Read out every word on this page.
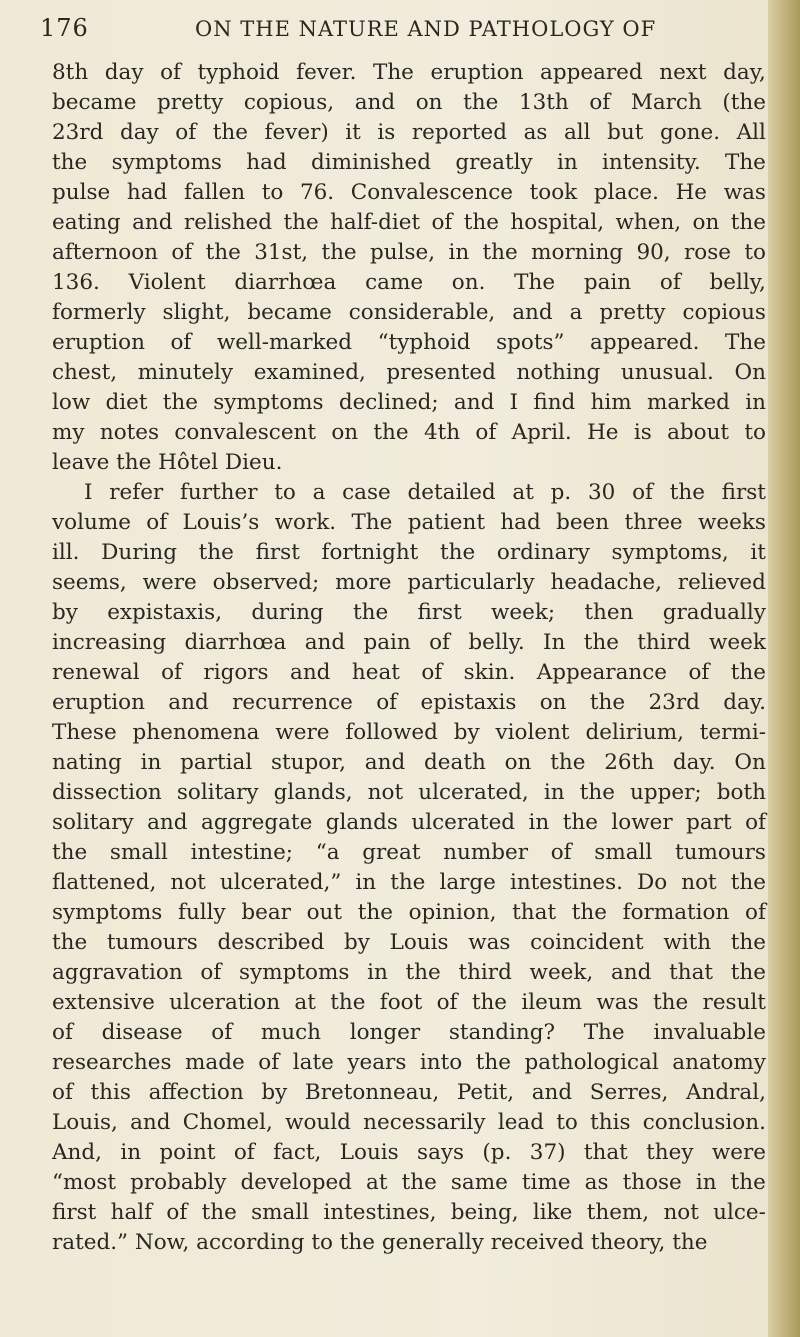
176	ON THE NATURE AND PATHOLOGY OF
8th day of typhoid fever. The eruption appeared next day,
became pretty copious, and on the 13th of March (the
23rd day of the fever) it is reported as all but gone. All
the symptoms had diminished greatly in intensity. The
pulse had fallen to 76. Convalescence took place. He was
eating and relished the half-diet of the hospital, when, on the
afternoon of the 31st, the pulse, in the morning 90, rose to
136. Violent diarrhœa came on. The pain of belly,
formerly slight, became considerable, and a pretty copious
eruption of well-marked “typhoid spots” appeared. The
chest, minutely examined, presented nothing unusual. On
low diet the symptoms declined; and I find him marked in
my notes convalescent on the 4th of April. He is about to
leave the Hôtel Dieu.
I refer further to a case detailed at p. 30 of the first
volume of Louis’s work. The patient had been three weeks
ill. During the first fortnight the ordinary symptoms, it
seems, were observed; more particularly headache, relieved
by expistaxis, during the first week; then gradually
increasing diarrhœa and pain of belly. In the third week
renewal of rigors and heat of skin. Appearance of the
eruption and recurrence of epistaxis on the 23rd day.
These phenomena were followed by violent delirium, termi-
nating in partial stupor, and death on the 26th day. On
dissection solitary glands, not ulcerated, in the upper; both
solitary and aggregate glands ulcerated in the lower part of
the small intestine; “a great number of small tumours
flattened, not ulcerated,” in the large intestines. Do not the
symptoms fully bear out the opinion, that the formation of
the tumours described by Louis was coincident with the
aggravation of symptoms in the third week, and that the
extensive ulceration at the foot of the ileum was the result
of disease of much longer standing? The invaluable
researches made of late years into the pathological anatomy
of this affection by Bretonneau, Petit, and Serres, Andral,
Louis, and Chomel, would necessarily lead to this conclusion.
And, in point of fact, Louis says (p. 37) that they were
“most probably developed at the same time as those in the
first half of the small intestines, being, like them, not ulce-
rated.” Now, according to the generally received theory, the
